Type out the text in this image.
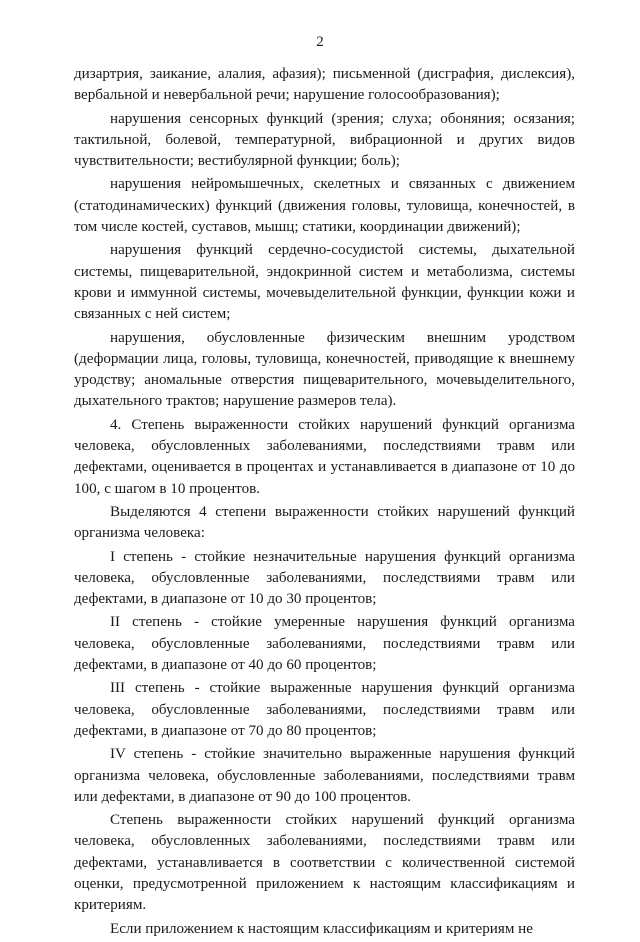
2

дизартрия, заикание, алалия, афазия); письменной (дисграфия, дислексия), вербальной и невербальной речи; нарушение голосообразования);

нарушения сенсорных функций (зрения; слуха; обоняния; осязания; тактильной, болевой, температурной, вибрационной и других видов чувствительности; вестибулярной функции; боль);

нарушения нейромышечных, скелетных и связанных с движением (статодинамических) функций (движения головы, туловища, конечностей, в том числе костей, суставов, мышц; статики, координации движений);

нарушения функций сердечно-сосудистой системы, дыхательной системы, пищеварительной, эндокринной систем и метаболизма, системы крови и иммунной системы, мочевыделительной функции, функции кожи и связанных с ней систем;

нарушения, обусловленные физическим внешним уродством (деформации лица, головы, туловища, конечностей, приводящие к внешнему уродству; аномальные отверстия пищеварительного, мочевыделительного, дыхательного трактов; нарушение размеров тела).

4. Степень выраженности стойких нарушений функций организма человека, обусловленных заболеваниями, последствиями травм или дефектами, оценивается в процентах и устанавливается в диапазоне от 10 до 100, с шагом в 10 процентов.

Выделяются 4 степени выраженности стойких нарушений функций организма человека:

I степень - стойкие незначительные нарушения функций организма человека, обусловленные заболеваниями, последствиями травм или дефектами, в диапазоне от 10 до 30 процентов;

II степень - стойкие умеренные нарушения функций организма человека, обусловленные заболеваниями, последствиями травм или дефектами, в диапазоне от 40 до 60 процентов;

III степень - стойкие выраженные нарушения функций организма человека, обусловленные заболеваниями, последствиями травм или дефектами, в диапазоне от 70 до 80 процентов;

IV степень - стойкие значительно выраженные нарушения функций организма человека, обусловленные заболеваниями, последствиями травм или дефектами, в диапазоне от 90 до 100 процентов.

Степень выраженности стойких нарушений функций организма человека, обусловленных заболеваниями, последствиями травм или дефектами, устанавливается в соответствии с количественной системой оценки, предусмотренной приложением к настоящим классификациям и критериям.

Если приложением к настоящим классификациям и критериям не
